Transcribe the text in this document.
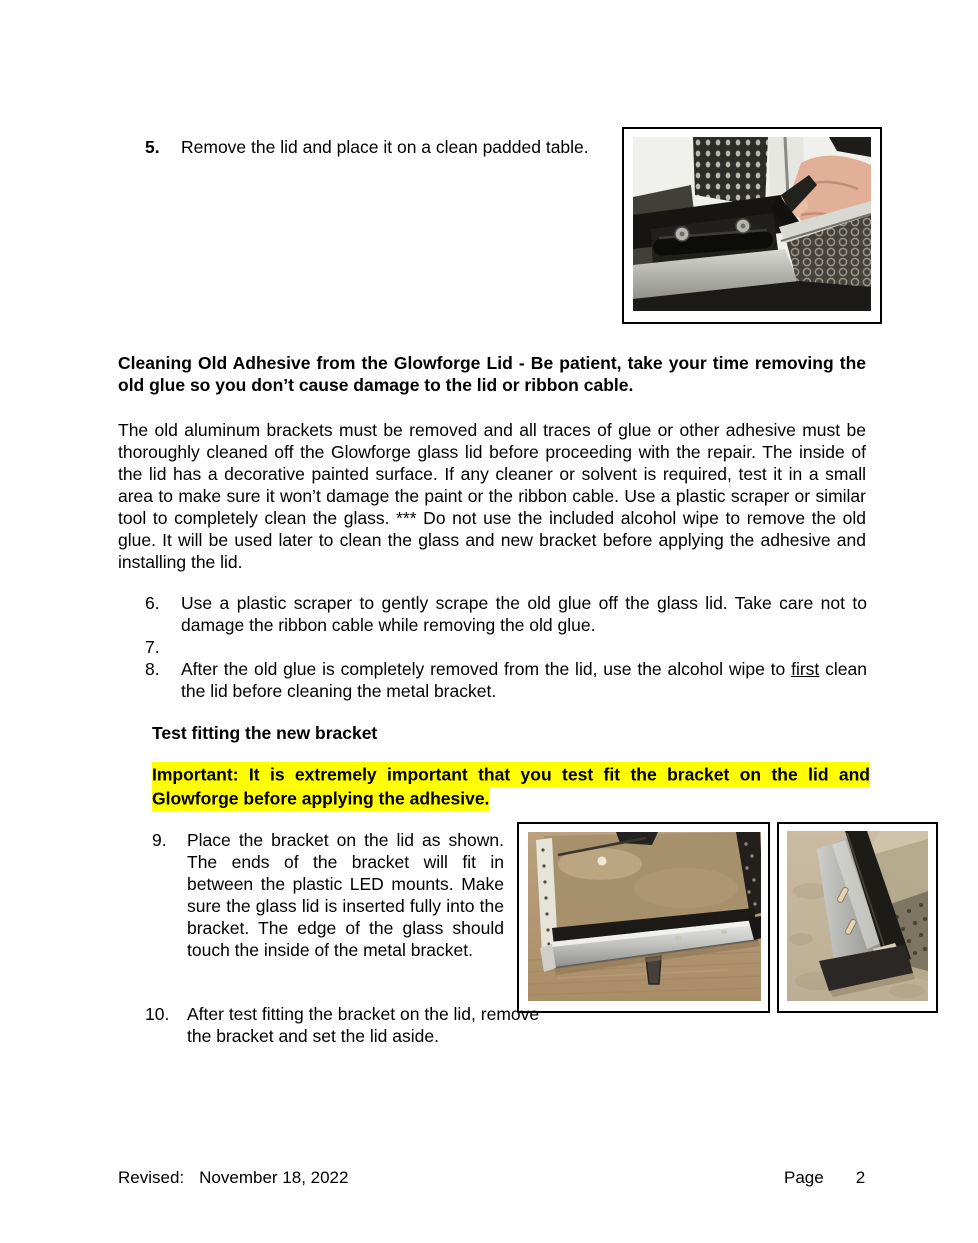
5.	Remove the lid and place it on a clean padded table.
Cleaning Old Adhesive from the Glowforge Lid - Be patient, take your time removing the old glue so you don’t cause damage to the lid or ribbon cable.
The old aluminum brackets must be removed and all traces of glue or other adhesive must be thoroughly cleaned off the Glowforge glass lid before proceeding with the repair. The inside of the lid has a decorative painted surface. If any cleaner or solvent is required, test it in a small area to make sure it won’t damage the paint or the ribbon cable. Use a plastic scraper or similar tool to completely clean the glass. *** Do not use the included alcohol wipe to remove the old glue. It will be used later to clean the glass and new bracket before applying the adhesive and installing the lid.
6.	Use a plastic scraper to gently scrape the old glue off the glass lid. Take care not to damage the ribbon cable while removing the old glue.
7.
8.	After the old glue is completely removed from the lid, use the alcohol wipe to first clean the lid before cleaning the metal bracket.
Test fitting the new bracket
Important: It is extremely important that you test fit the bracket on the lid and Glowforge before applying the adhesive.
9.	Place the bracket on the lid as shown. The ends of the bracket will fit in between the plastic LED mounts. Make sure the glass lid is inserted fully into the bracket. The edge of the glass should touch the inside of the metal bracket.
10.	After test fitting the bracket on the lid, remove the bracket and set the lid aside.
Revised: November 18, 2022	Page 2
